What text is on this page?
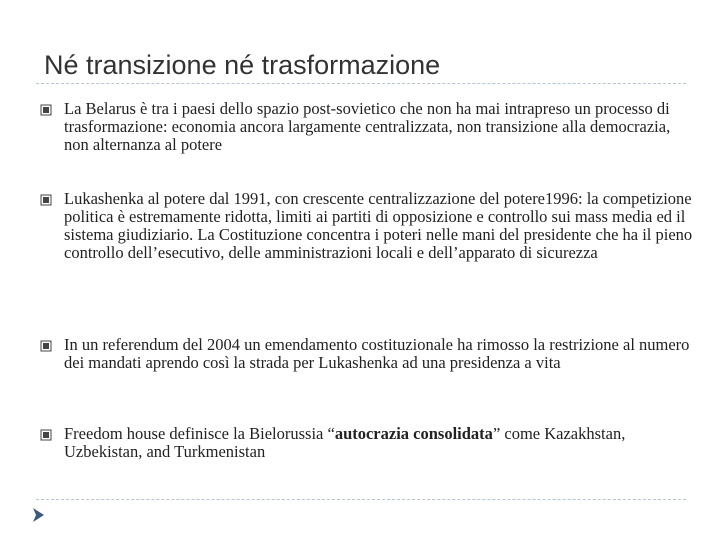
Né transizione né trasformazione
La Belarus è tra i paesi dello spazio post-sovietico che non ha mai intrapreso un processo di trasformazione: economia ancora largamente centralizzata, non transizione alla democrazia, non alternanza al potere
Lukashenka al potere dal 1991, con crescente centralizzazione del potere1996: la competizione politica è estremamente ridotta, limiti ai partiti di opposizione e controllo sui mass media ed il sistema giudiziario. La Costituzione concentra i poteri nelle mani del presidente che ha il pieno controllo dell’esecutivo, delle amministrazioni locali e dell’apparato di sicurezza
In un referendum del 2004 un emendamento costituzionale ha rimosso la restrizione al numero dei mandati aprendo così la strada per Lukashenka ad una presidenza a vita
Freedom house definisce la Bielorussia “autocrazia consolidata” come Kazakhstan, Uzbekistan, and Turkmenistan
